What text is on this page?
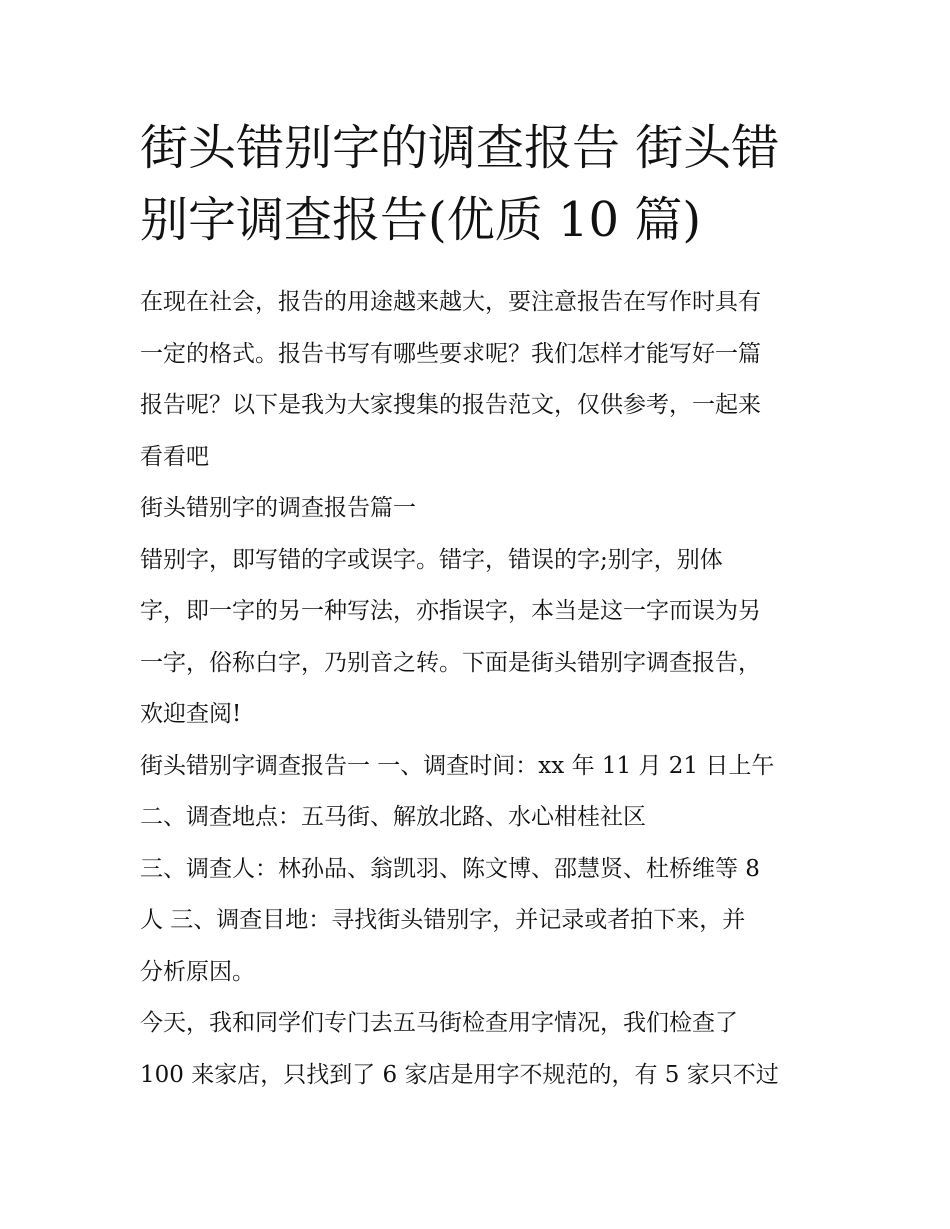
街头错别字的调查报告 街头错
别字调查报告(优质 10 篇)
在现在社会，报告的用途越来越大，要注意报告在写作时具有
一定的格式。报告书写有哪些要求呢？我们怎样才能写好一篇
报告呢？以下是我为大家搜集的报告范文，仅供参考，一起来
看看吧
街头错别字的调查报告篇一
错别字，即写错的字或误字。错字，错误的字;别字，别体
字，即一字的另一种写法，亦指误字，本当是这一字而误为另
一字，俗称白字，乃别音之转。下面是街头错别字调查报告，
欢迎查阅!
街头错别字调查报告一 一、调查时间：xx 年 11 月 21 日上午
二、调查地点：五马街、解放北路、水心柑桂社区
三、调查人：林孙品、翁凯羽、陈文博、邵慧贤、杜桥维等 8
人 三、调查目地：寻找街头错别字，并记录或者拍下来，并
分析原因。
今天，我和同学们专门去五马街检查用字情况，我们检查了
100 来家店，只找到了 6 家店是用字不规范的，有 5 家只不过
